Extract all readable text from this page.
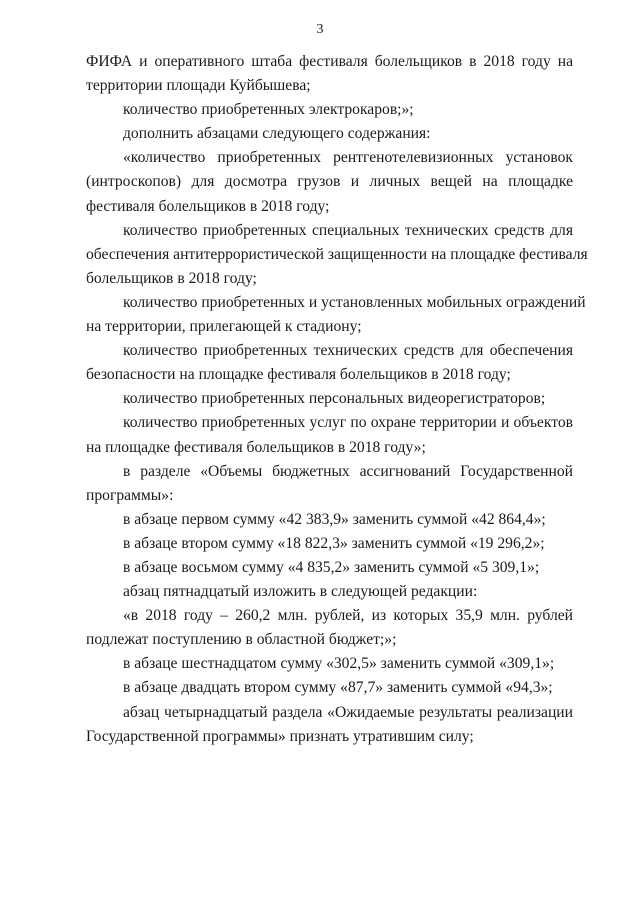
3
ФИФА и оперативного штаба фестиваля болельщиков в 2018 году на
территории площади Куйбышева;
количество приобретенных электрокаров;»;
дополнить абзацами следующего содержания:
«количество приобретенных рентгенотелевизионных установок
(интроскопов) для досмотра грузов и личных вещей на площадке
фестиваля болельщиков в 2018 году;
количество приобретенных специальных технических средств для
обеспечения антитеррористической защищенности на площадке фестиваля
болельщиков в 2018 году;
количество приобретенных и установленных мобильных ограждений
на территории, прилегающей к стадиону;
количество приобретенных технических средств для обеспечения
безопасности на площадке фестиваля болельщиков в 2018 году;
количество приобретенных персональных видеорегистраторов;
количество приобретенных услуг по охране территории и объектов
на площадке фестиваля болельщиков в 2018 году»;
в разделе «Объемы бюджетных ассигнований Государственной
программы»:
в абзаце первом сумму «42 383,9» заменить суммой «42 864,4»;
в абзаце втором сумму «18 822,3» заменить суммой «19 296,2»;
в абзаце восьмом сумму «4 835,2» заменить суммой «5 309,1»;
абзац пятнадцатый изложить в следующей редакции:
«в 2018 году – 260,2 млн. рублей, из которых 35,9 млн. рублей
подлежат поступлению в областной бюджет;»;
в абзаце шестнадцатом сумму «302,5» заменить суммой «309,1»;
в абзаце двадцать втором сумму «87,7» заменить суммой «94,3»;
абзац четырнадцатый раздела «Ожидаемые результаты реализации
Государственной программы» признать утратившим силу;
